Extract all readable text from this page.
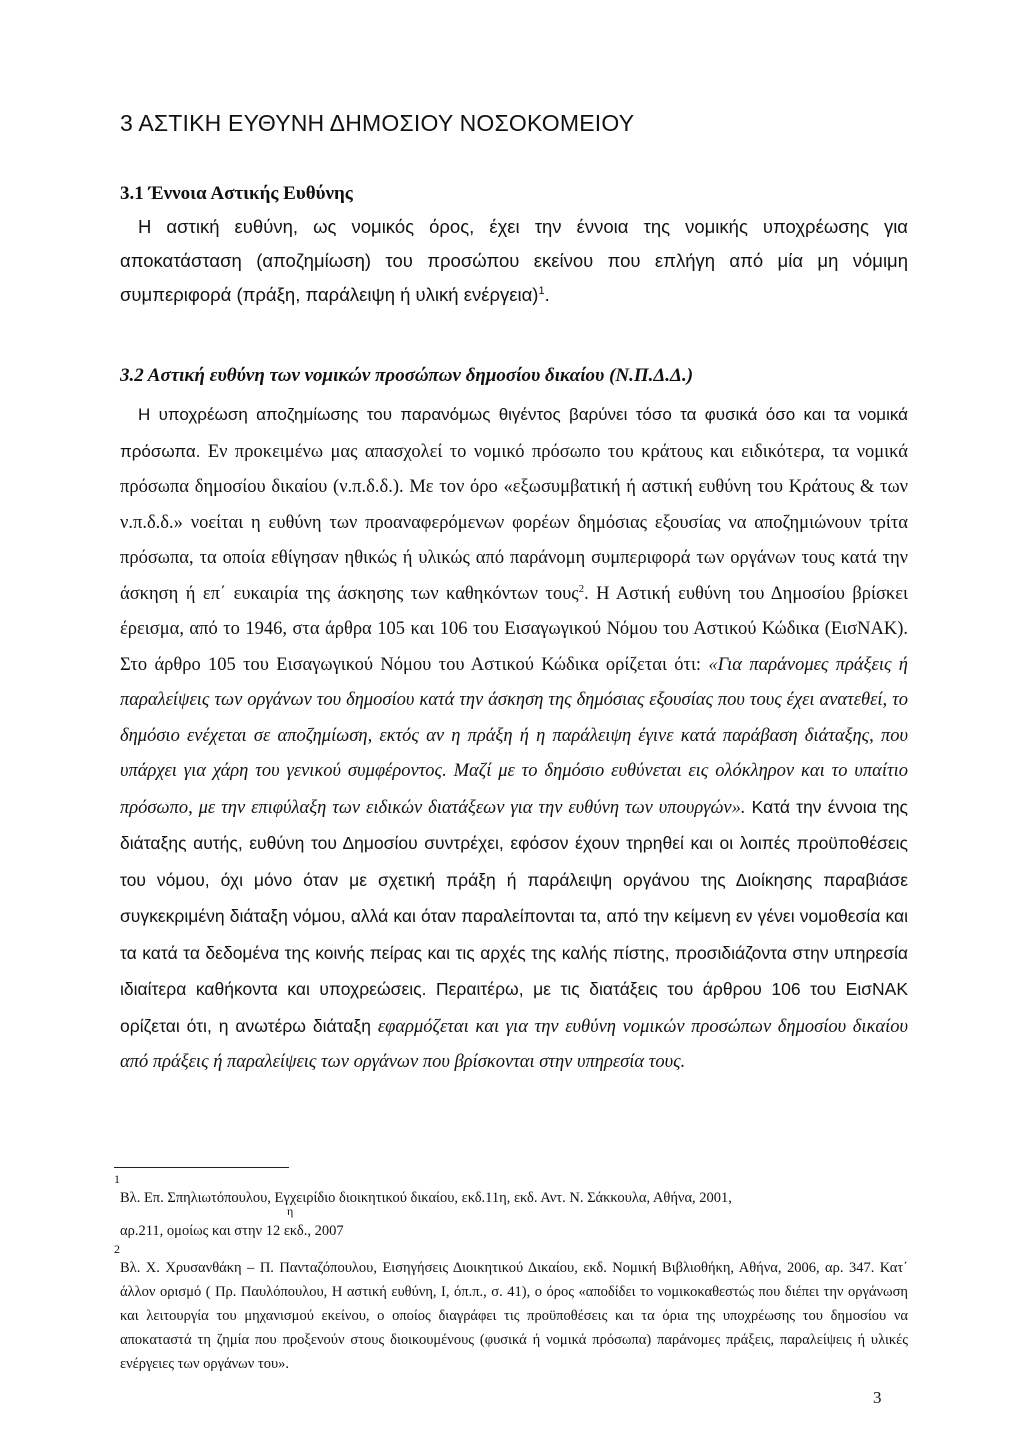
3 ΑΣΤΙΚΗ ΕΥΘΥΝΗ ΔΗΜΟΣΙΟΥ ΝΟΣΟΚΟΜΕΙΟΥ
3.1 Έννοια Αστικής Ευθύνης

Η αστική ευθύνη, ως νομικός όρος, έχει την έννοια της νομικής υποχρέωσης για αποκατάσταση (αποζημίωση) του προσώπου εκείνου που επλήγη από μία μη νόμιμη συμπεριφορά (πράξη, παράλειψη ή υλική ενέργεια)$^1$.

3.2 Αστική ευθύνη των νομικών προσώπων δημοσίου δικαίου (Ν.Π.Δ.Δ.)

Η υποχρέωση αποζημίωσης του παρανόμως θιγέντος βαρύνει τόσο τα φυσικά όσο και τα νομικά πρόσωπα. Εν προκειμένω μας απασχολεί το νομικό πρόσωπο του κράτους και ειδικότερα, τα νομικά πρόσωπα δημοσίου δικαίου (ν.π.δ.δ.). Με τον όρο «εξωσυμβατική ή αστική ευθύνη του Κράτους & των ν.π.δ.δ.» νοείται η ευθύνη των προαναφερόμενων φορέων δημόσιας εξουσίας να αποζημιώνουν τρίτα πρόσωπα, τα οποία εθίγησαν ηθικώς ή υλικώς από παράνομη συμπεριφορά των οργάνων τους κατά την άσκηση ή επ΄ ευκαιρία της άσκησης των καθηκόντων τους$^2$. Η Αστική ευθύνη του Δημοσίου βρίσκει έρεισμα, από το 1946, στα άρθρα 105 και 106 του Εισαγωγικού Νόμου του Αστικού Κώδικα (ΕισΝΑΚ). Στο άρθρο 105 του Εισαγωγικού Νόμου του Αστικού Κώδικα ορίζεται ότι: «Για παράνομες πράξεις ή παραλείψεις των οργάνων του δημοσίου κατά την άσκηση της δημόσιας εξουσίας που τους έχει ανατεθεί, το δημόσιο ενέχεται σε αποζημίωση, εκτός αν η πράξη ή η παράλειψη έγινε κατά παράβαση διάταξης, που υπάρχει για χάρη του γενικού συμφέροντος. Μαζί με το δημόσιο ευθύνεται εις ολόκληρον και το υπαίτιο πρόσωπο, με την επιφύλαξη των ειδικών διατάξεων για την ευθύνη των υπουργών». Κατά την έννοια της διάταξης αυτής, ευθύνη του Δημοσίου συντρέχει, εφόσον έχουν τηρηθεί και οι λοιπές προϋποθέσεις του νόμου, όχι μόνο όταν με σχετική πράξη ή παράλειψη οργάνου της Διοίκησης παραβιάσε συγκεκριμένη διάταξη νόμου, αλλά και όταν παραλείπονται τα, από την κείμενη εν γένει νομοθεσία και τα κατά τα δεδομένα της κοινής πείρας και τις αρχές της καλής πίστης, προσιδιάζοντα στην υπηρεσία ιδιαίτερα καθήκοντα και υποχρεώσεις. Περαιτέρω, με τις διατάξεις του άρθρου 106 του ΕισΝΑΚ ορίζεται ότι, η ανωτέρω διάταξη εφαρμόζεται και για την ευθύνη νομικών προσώπων δημοσίου δικαίου από πράξεις ή παραλείψεις των οργάνων που βρίσκονται στην υπηρεσία τους.

1

Βλ. Επ. Σπηλιωτόπουλου, Εγχειρίδιο διοικητικού δικαίου, εκδ.11η, εκδ. Αντ. Ν. Σάκκουλα, Αθήνα, 2001,

η

αρ.211, ομοίως και στην 12 εκδ., 2007

2

Βλ. Χ. Χρυσανθάκη – Π. Πανταζόπουλου, Εισηγήσεις Διοικητικού Δικαίου, εκδ. Νομική Βιβλιοθήκη, Αθήνα, 2006, αρ. 347. Κατ΄ άλλον ορισμό ( Πρ. Παυλόπουλου, Η αστική ευθύνη, Ι, όπ.π., σ. 41), ο όρος «αποδίδει το νομικοκαθεστώς που διέπει την οργάνωση και λειτουργία του μηχανισμού εκείνου, ο οποίος διαγράφει τις προϋποθέσεις και τα όρια της υποχρέωσης του δημοσίου να αποκαταστά τη ζημία που προξενούν στους διοικουμένους (φυσικά ή νομικά πρόσωπα) παράνομες πράξεις, παραλείψεις ή υλικές ενέργειες των οργάνων του».

3
